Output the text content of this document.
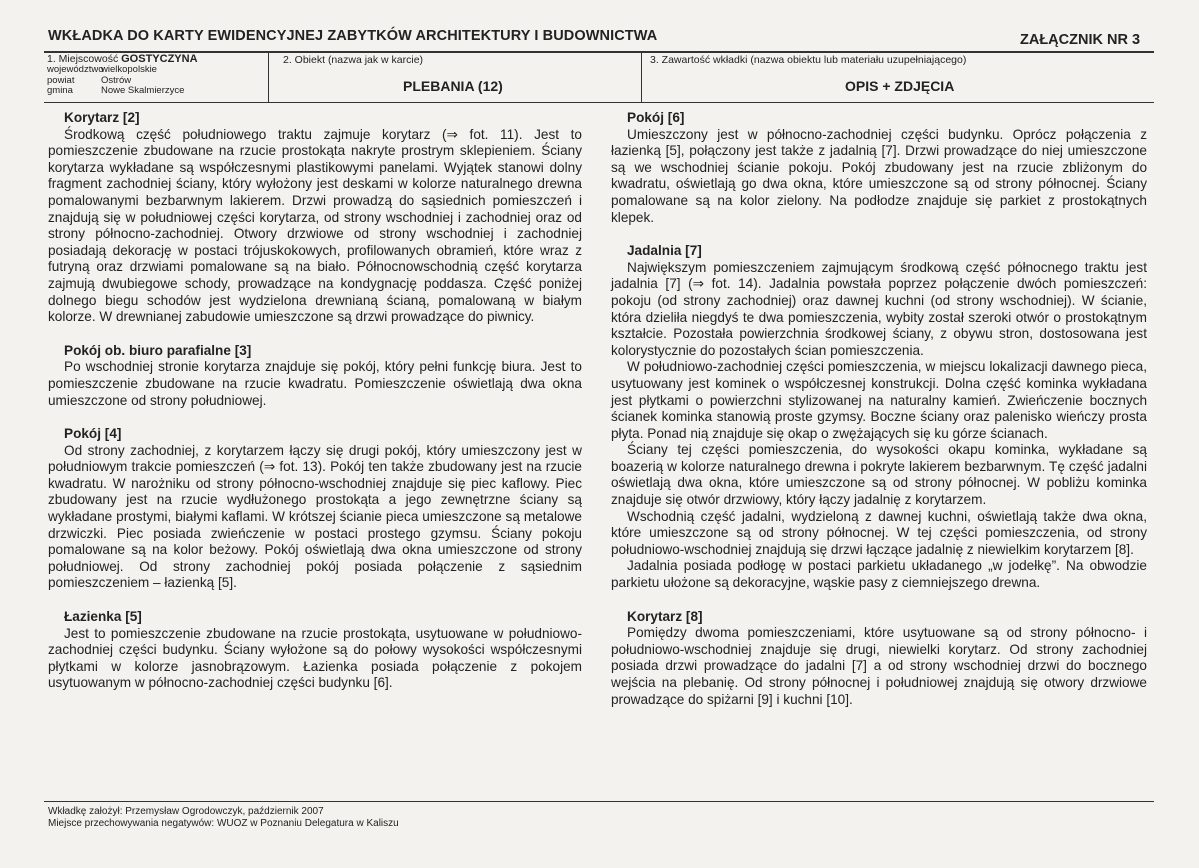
WKŁADKA DO KARTY EWIDENCYJNEJ ZABYTKÓW ARCHITEKTURY I BUDOWNICTWA	ZAŁĄCZNIK NR 3
1. Miejscowość GOSTYCZYNA
województwo
wielkopolskie
powiat	Ostrów
gmina	Nowe Skalmierzyce
2. Obiekt (nazwa jak w karcie)
PLEBANIA (12)
3. Zawartość wkładki (nazwa obiektu lub materiału uzupełniającego)
OPIS + ZDJĘCIA
Korytarz [2]

Środkową część południowego traktu zajmuje korytarz (⇒ fot. 11). Jest to pomieszczenie zbudowane na rzucie prostokąta nakryte prostrym sklepieniem. Ściany korytarza wykładane są współczesnymi plastikowymi panelami. Wyjątek stanowi dolny fragment zachodniej ściany, który wyłożony jest deskami w kolorze naturalnego drewna pomalowanymi bezbarwnym lakierem. Drzwi prowadzą do sąsiednich pomieszczeń i znajdują się w południowej części korytarza, od strony wschodniej i zachodniej oraz od strony północno-zachodniej. Otwory drzwiowe od strony wschodniej i zachodniej posiadają dekorację w postaci trójuskokowych, profilowanych obramień, które wraz z futryną oraz drzwiami pomalowane są na biało. Północnowschodnią część korytarza zajmują dwubiegowe schody, prowadzące na kondygnację poddasza. Część poniżej dolnego biegu schodów jest wydzielona drewnianą ścianą, pomalowaną w białym kolorze. W drewnianej zabudowie umieszczone są drzwi prowadzące do piwnicy.

Pokój ob. biuro parafialne [3]

Po wschodniej stronie korytarza znajduje się pokój, który pełni funkcję biura. Jest to pomieszczenie zbudowane na rzucie kwadratu. Pomieszczenie oświetlają dwa okna umieszczone od strony południowej.

Pokój [4]

Od strony zachodniej, z korytarzem łączy się drugi pokój, który umieszczony jest w południowym trakcie pomieszczeń (⇒ fot. 13). Pokój ten także zbudowany jest na rzucie kwadratu. W narożniku od strony północno-wschodniej znajduje się piec kaflowy. Piec zbudowany jest na rzucie wydłużonego prostokąta a jego zewnętrzne ściany są wykładane prostymi, białymi kaflami. W krótszej ścianie pieca umieszczone są metalowe drzwiczki. Piec posiada zwieńczenie w postaci prostego gzymsu. Ściany pokoju pomalowane są na kolor beżowy. Pokój oświetlają dwa okna umieszczone od strony południowej. Od strony zachodniej pokój posiada połączenie z sąsiednim pomieszczeniem – łazienką [5].

Łazienka [5]

Jest to pomieszczenie zbudowane na rzucie prostokąta, usytuowane w południowo-zachodniej części budynku. Ściany wyłożone są do połowy wysokości współczesnymi płytkami w kolorze jasnobrązowym. Łazienka posiada połączenie z pokojem usytuowanym w północno-zachodniej części budynku [6].

Pokój [6]

Umieszczony jest w północno-zachodniej części budynku. Oprócz połączenia z łazienką [5], połączony jest także z jadalnią [7]. Drzwi prowadzące do niej umieszczone są we wschodniej ścianie pokoju. Pokój zbudowany jest na rzucie zbliżonym do kwadratu, oświetlają go dwa okna, które umieszczone są od strony północnej. Ściany pomalowane są na kolor zielony. Na podłodze znajduje się parkiet z prostokątnych klepek.

Jadalnia [7]

Największym pomieszczeniem zajmującym środkową część północnego traktu jest jadalnia [7] (⇒ fot. 14). Jadalnia powstała poprzez połączenie dwóch pomieszczeń: pokoju (od strony zachodniej) oraz dawnej kuchni (od strony wschodniej). W ścianie, która dzieliła niegdyś te dwa pomieszczenia, wybity został szeroki otwór o prostokątnym kształcie. Pozostała powierzchnia środkowej ściany, z obywu stron, dostosowana jest kolorystycznie do pozostałych ścian pomieszczenia.

W południowo-zachodniej części pomieszczenia, w miejscu lokalizacji dawnego pieca, usytuowany jest kominek o współczesnej konstrukcji. Dolna część kominka wykładana jest płytkami o powierzchni stylizowanej na naturalny kamień. Zwieńczenie bocznych ścianek kominka stanowią proste gzymsy. Boczne ściany oraz palenisko wieńczy prosta płyta. Ponad nią znajduje się okap o zwężających się ku górze ścianach.

Ściany tej części pomieszczenia, do wysokości okapu kominka, wykładane są boazerią w kolorze naturalnego drewna i pokryte lakierem bezbarwnym. Tę część jadalni oświetlają dwa okna, które umieszczone są od strony północnej. W pobliżu kominka znajduje się otwór drzwiowy, który łączy jadalnię z korytarzem.

Wschodnią część jadalni, wydzieloną z dawnej kuchni, oświetlają także dwa okna, które umieszczone są od strony północnej. W tej części pomieszczenia, od strony południowo-wschodniej znajdują się drzwi łączące jadalnię z niewielkim korytarzem [8].

Jadalnia posiada podłogę w postaci parkietu układanego „w jodełkę”. Na obwodzie parkietu ułożone są dekoracyjne, wąskie pasy z ciemniejszego drewna.

Korytarz [8]

Pomiędzy dwoma pomieszczeniami, które usytuowane są od strony północno- i południowo-wschodniej znajduje się drugi, niewielki korytarz. Od strony zachodniej posiada drzwi prowadzące do jadalni [7] a od strony wschodniej drzwi do bocznego wejścia na plebanię. Od strony północnej i południowej znajdują się otwory drzwiowe prowadzące do spiżarni [9] i kuchni [10].

Wkładkę założył: Przemysław Ogrodowczyk, październik 2007
Miejsce przechowywania negatywów: WUOZ w Poznaniu Delegatura w Kaliszu
